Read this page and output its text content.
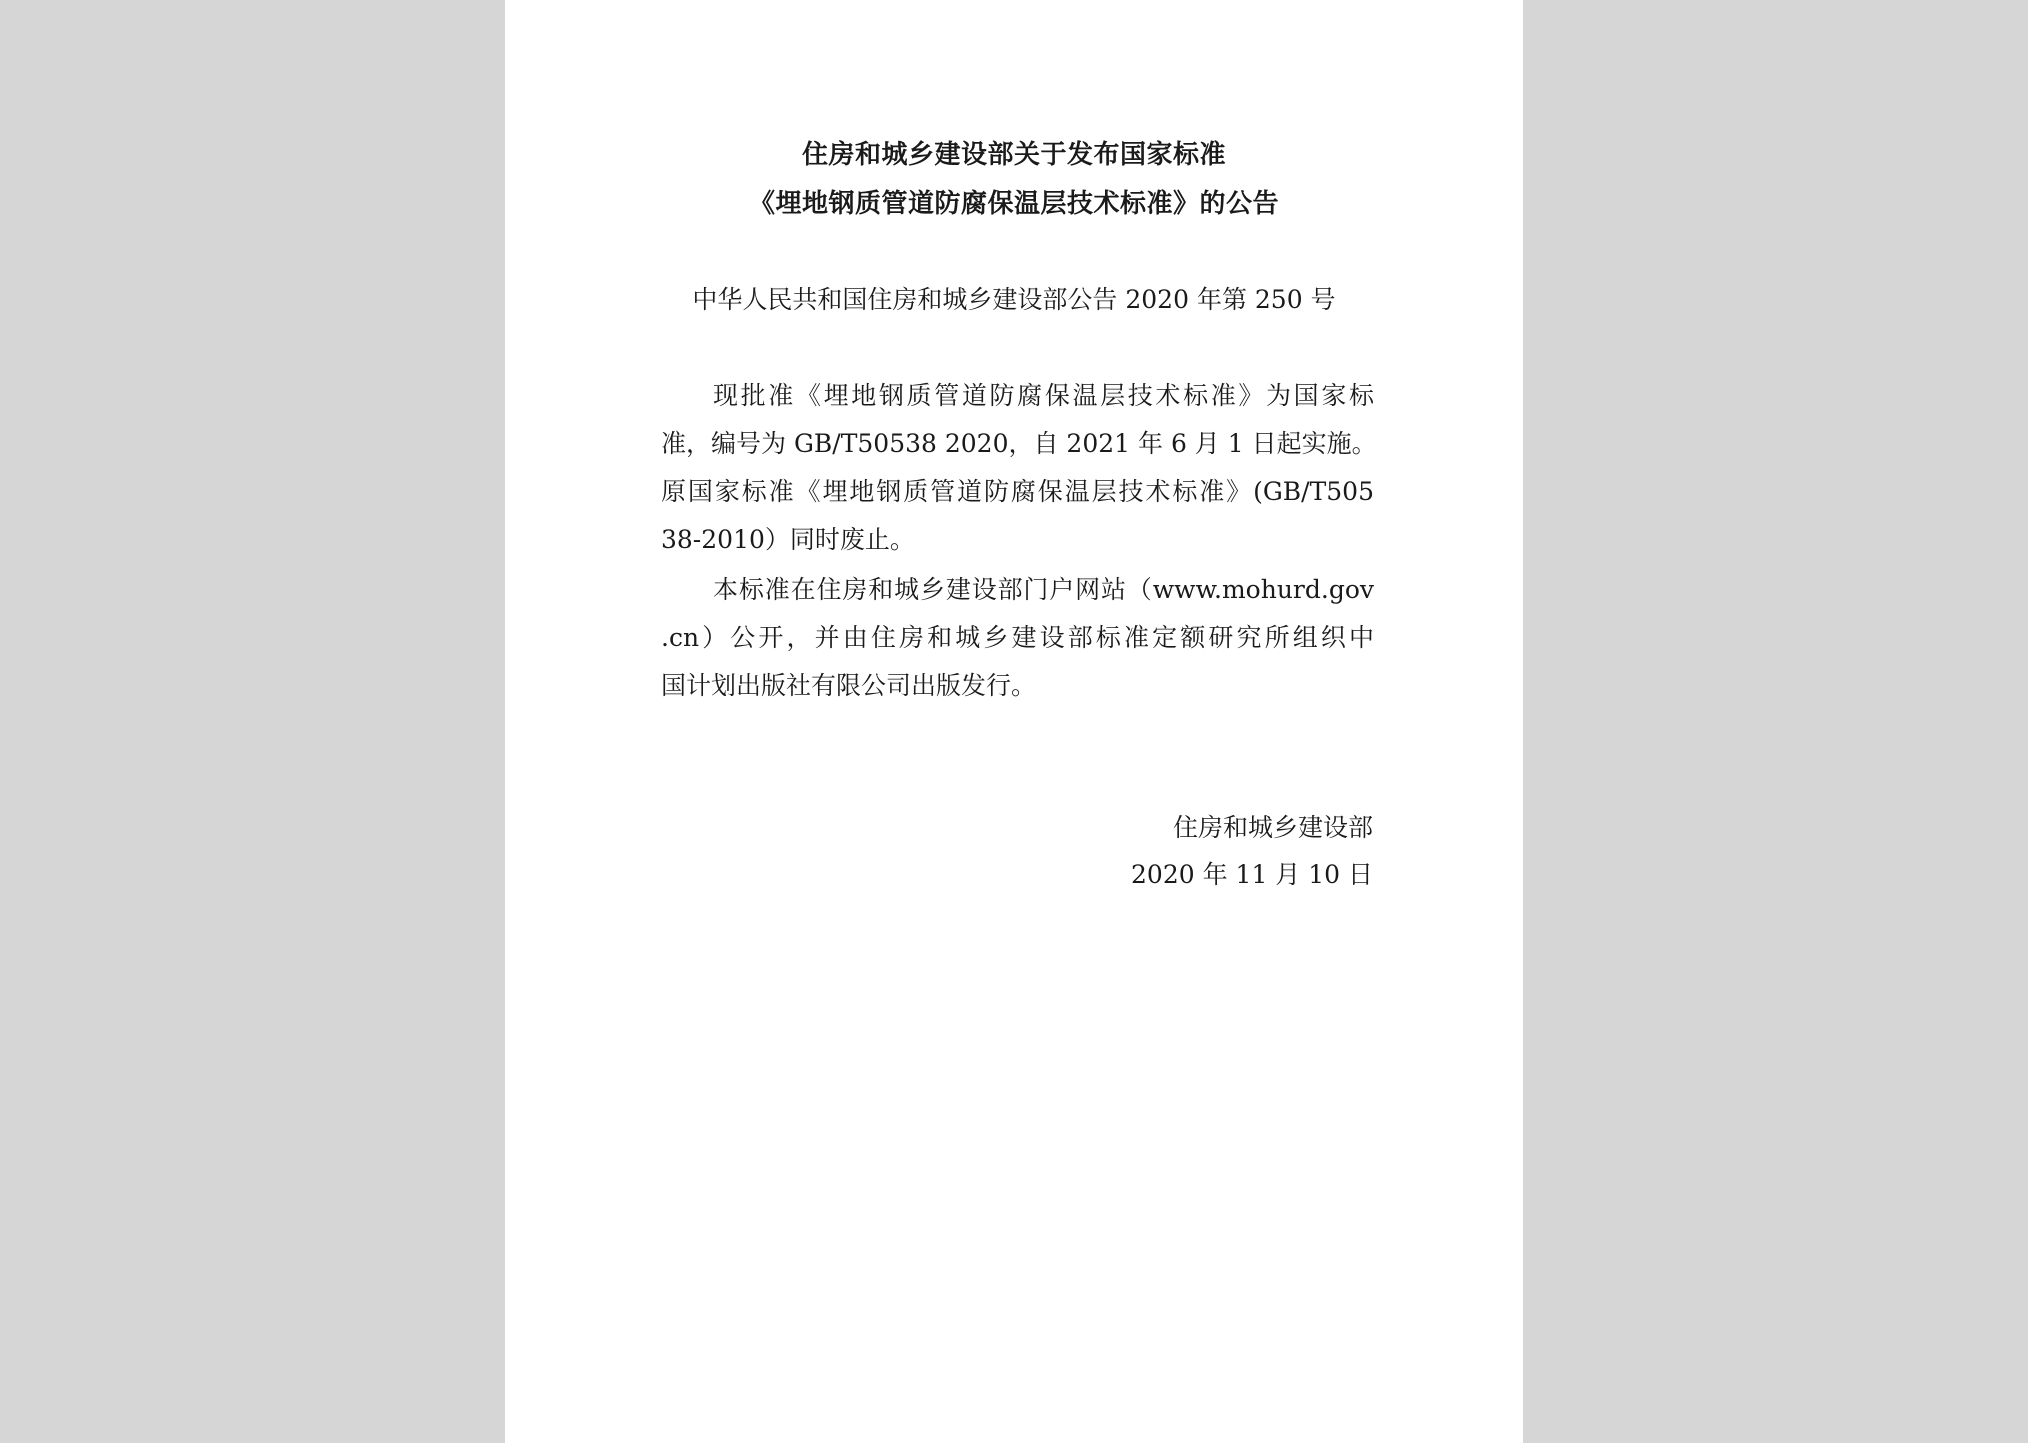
住房和城乡建设部关于发布国家标准
《埋地钢质管道防腐保温层技术标准》的公告
中华人民共和国住房和城乡建设部公告 2020 年第 250 号
现批准《埋地钢质管道防腐保温层技术标准》为国家标
准，编号为 GB/T50538 2020，自 2021 年 6 月 1 日起实施。
原国家标准《埋地钢质管道防腐保温层技术标准》(GB/T505
38-2010）同时废止。
本标准在住房和城乡建设部门户网站（www.mohurd.gov
.cn）公开，并由住房和城乡建设部标准定额研究所组织中
国计划出版社有限公司出版发行。
住房和城乡建设部
2020 年 11 月 10 日
